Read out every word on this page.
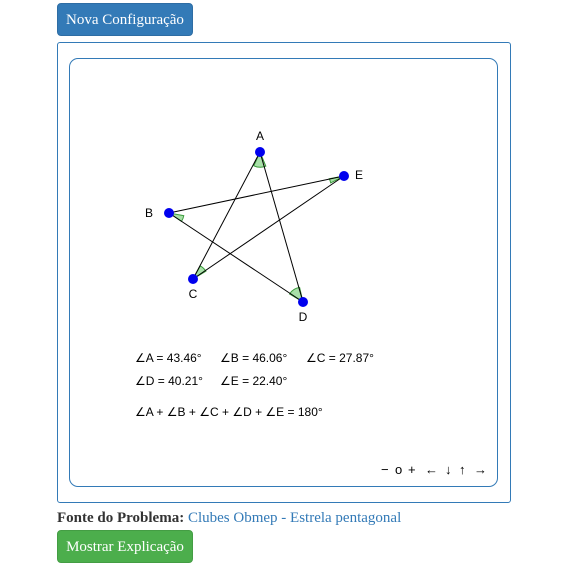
Nova Configuração
A
B
C
D
E
∠A = 43.46° ∠B = 46.06° ∠C = 27.87°
∠D = 40.21° ∠E = 22.40°
∠A + ∠B + ∠C + ∠D + ∠E = 180°
− o + ← ↓ ↑ →
Fonte do Problema: Clubes Obmep - Estrela pentagonal
Mostrar Explicação
